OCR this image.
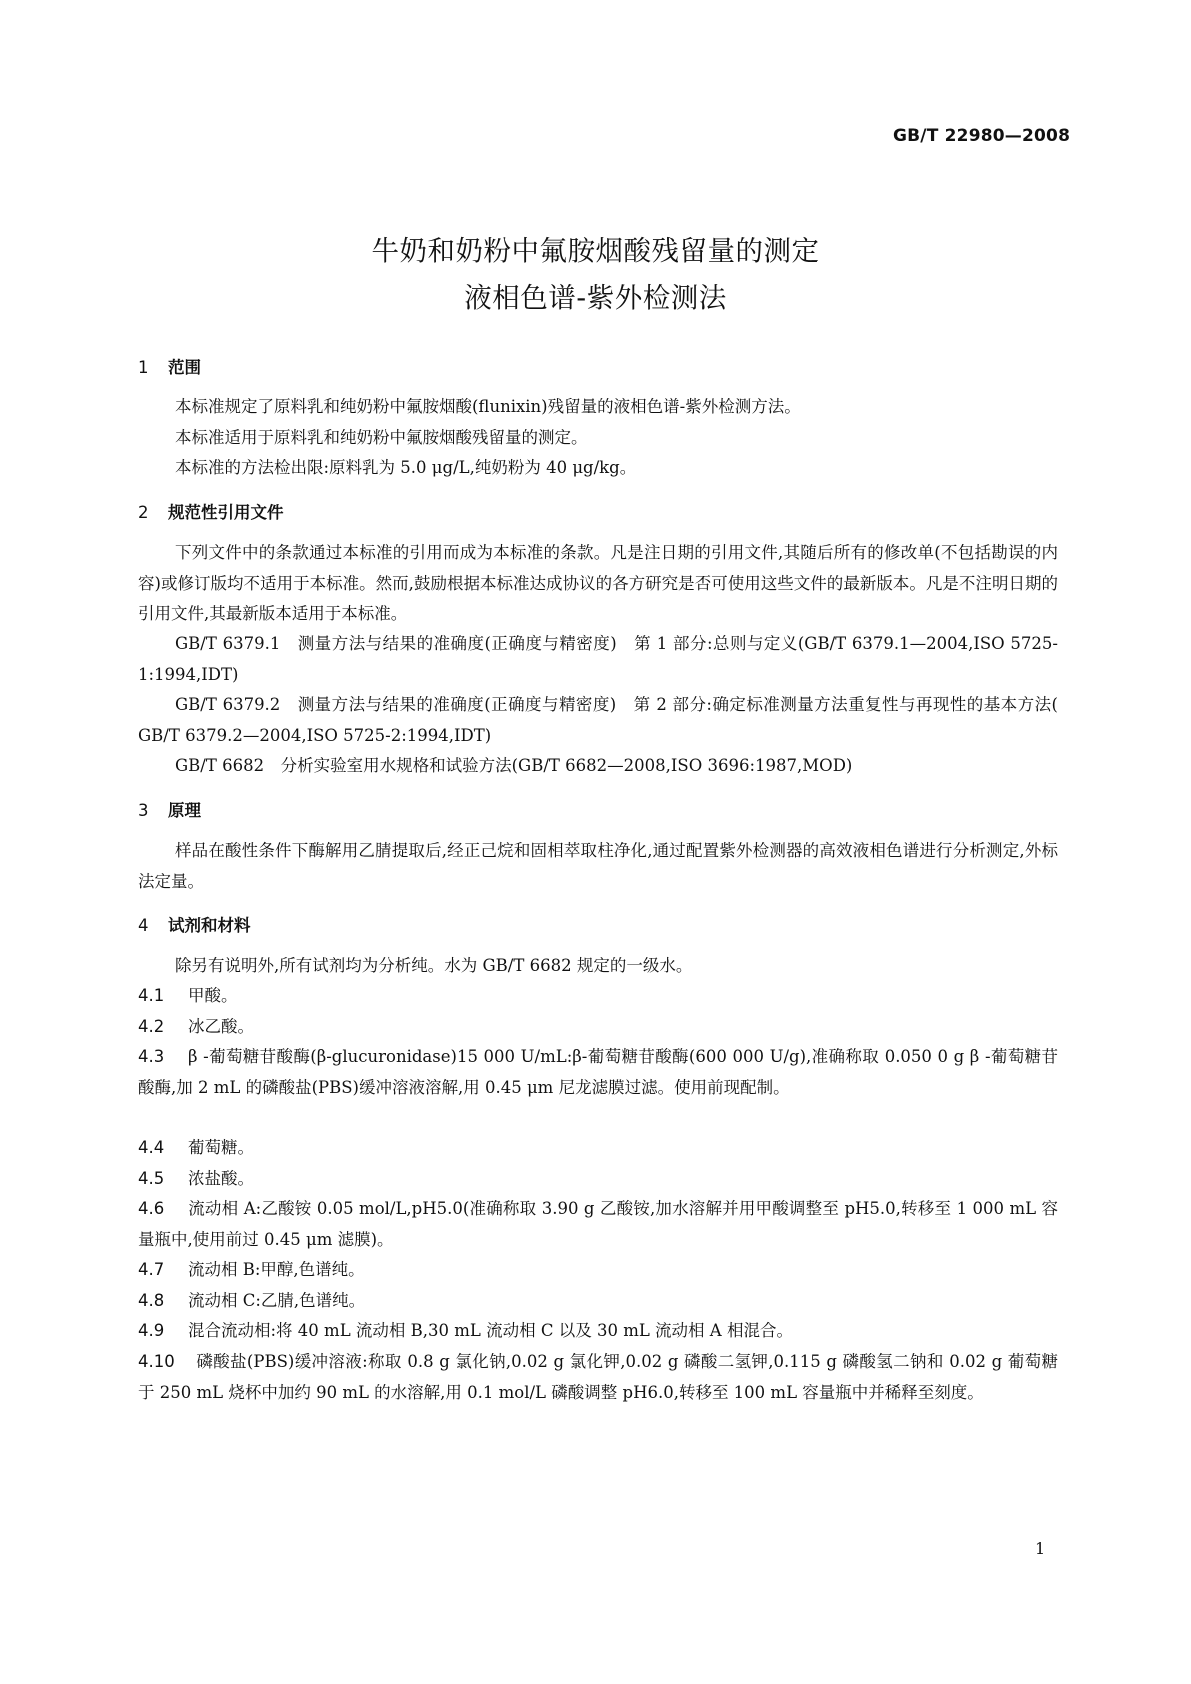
GB/T 22980—2008
牛奶和奶粉中氟胺烟酸残留量的测定
液相色谱-紫外检测法
1 范围

本标准规定了原料乳和纯奶粉中氟胺烟酸(flunixin)残留量的液相色谱-紫外检测方法。

本标准适用于原料乳和纯奶粉中氟胺烟酸残留量的测定。

本标准的方法检出限:原料乳为 5.0 μg/L,纯奶粉为 40 μg/kg。

2 规范性引用文件

下列文件中的条款通过本标准的引用而成为本标准的条款。凡是注日期的引用文件,其随后所有的修改单(不包括勘误的内容)或修订版均不适用于本标准。然而,鼓励根据本标准达成协议的各方研究是否可使用这些文件的最新版本。凡是不注明日期的引用文件,其最新版本适用于本标准。

GB/T 6379.1　测量方法与结果的准确度(正确度与精密度)　第 1 部分:总则与定义(GB/T 6379.1—2004,ISO 5725-1:1994,IDT)

GB/T 6379.2　测量方法与结果的准确度(正确度与精密度)　第 2 部分:确定标准测量方法重复性与再现性的基本方法( GB/T 6379.2—2004,ISO 5725-2:1994,IDT)

GB/T 6682　分析实验室用水规格和试验方法(GB/T 6682—2008,ISO 3696:1987,MOD)

3 原理

样品在酸性条件下酶解用乙腈提取后,经正己烷和固相萃取柱净化,通过配置紫外检测器的高效液相色谱进行分析测定,外标法定量。

4 试剂和材料

除另有说明外,所有试剂均为分析纯。水为 GB/T 6682 规定的一级水。

4.1 甲酸。

4.2 冰乙酸。

4.3 β -葡萄糖苷酸酶(β-glucuronidase)15 000 U/mL:β-葡萄糖苷酸酶(600 000 U/g),准确称取 0.050 0 g β -葡萄糖苷酸酶,加 2 mL 的磷酸盐(PBS)缓冲溶液溶解,用 0.45 μm 尼龙滤膜过滤。使用前现配制。

4.4 葡萄糖。

4.5 浓盐酸。

4.6 流动相 A:乙酸铵 0.05 mol/L,pH5.0(准确称取 3.90 g 乙酸铵,加水溶解并用甲酸调整至 pH5.0,转移至 1 000 mL 容量瓶中,使用前过 0.45 μm 滤膜)。

4.7 流动相 B:甲醇,色谱纯。

4.8 流动相 C:乙腈,色谱纯。

4.9 混合流动相:将 40 mL 流动相 B,30 mL 流动相 C 以及 30 mL 流动相 A 相混合。

4.10 磷酸盐(PBS)缓冲溶液:称取 0.8 g 氯化钠,0.02 g 氯化钾,0.02 g 磷酸二氢钾,0.115 g 磷酸氢二钠和 0.02 g 葡萄糖于 250 mL 烧杯中加约 90 mL 的水溶解,用 0.1 mol/L 磷酸调整 pH6.0,转移至 100 mL 容量瓶中并稀释至刻度。

1
